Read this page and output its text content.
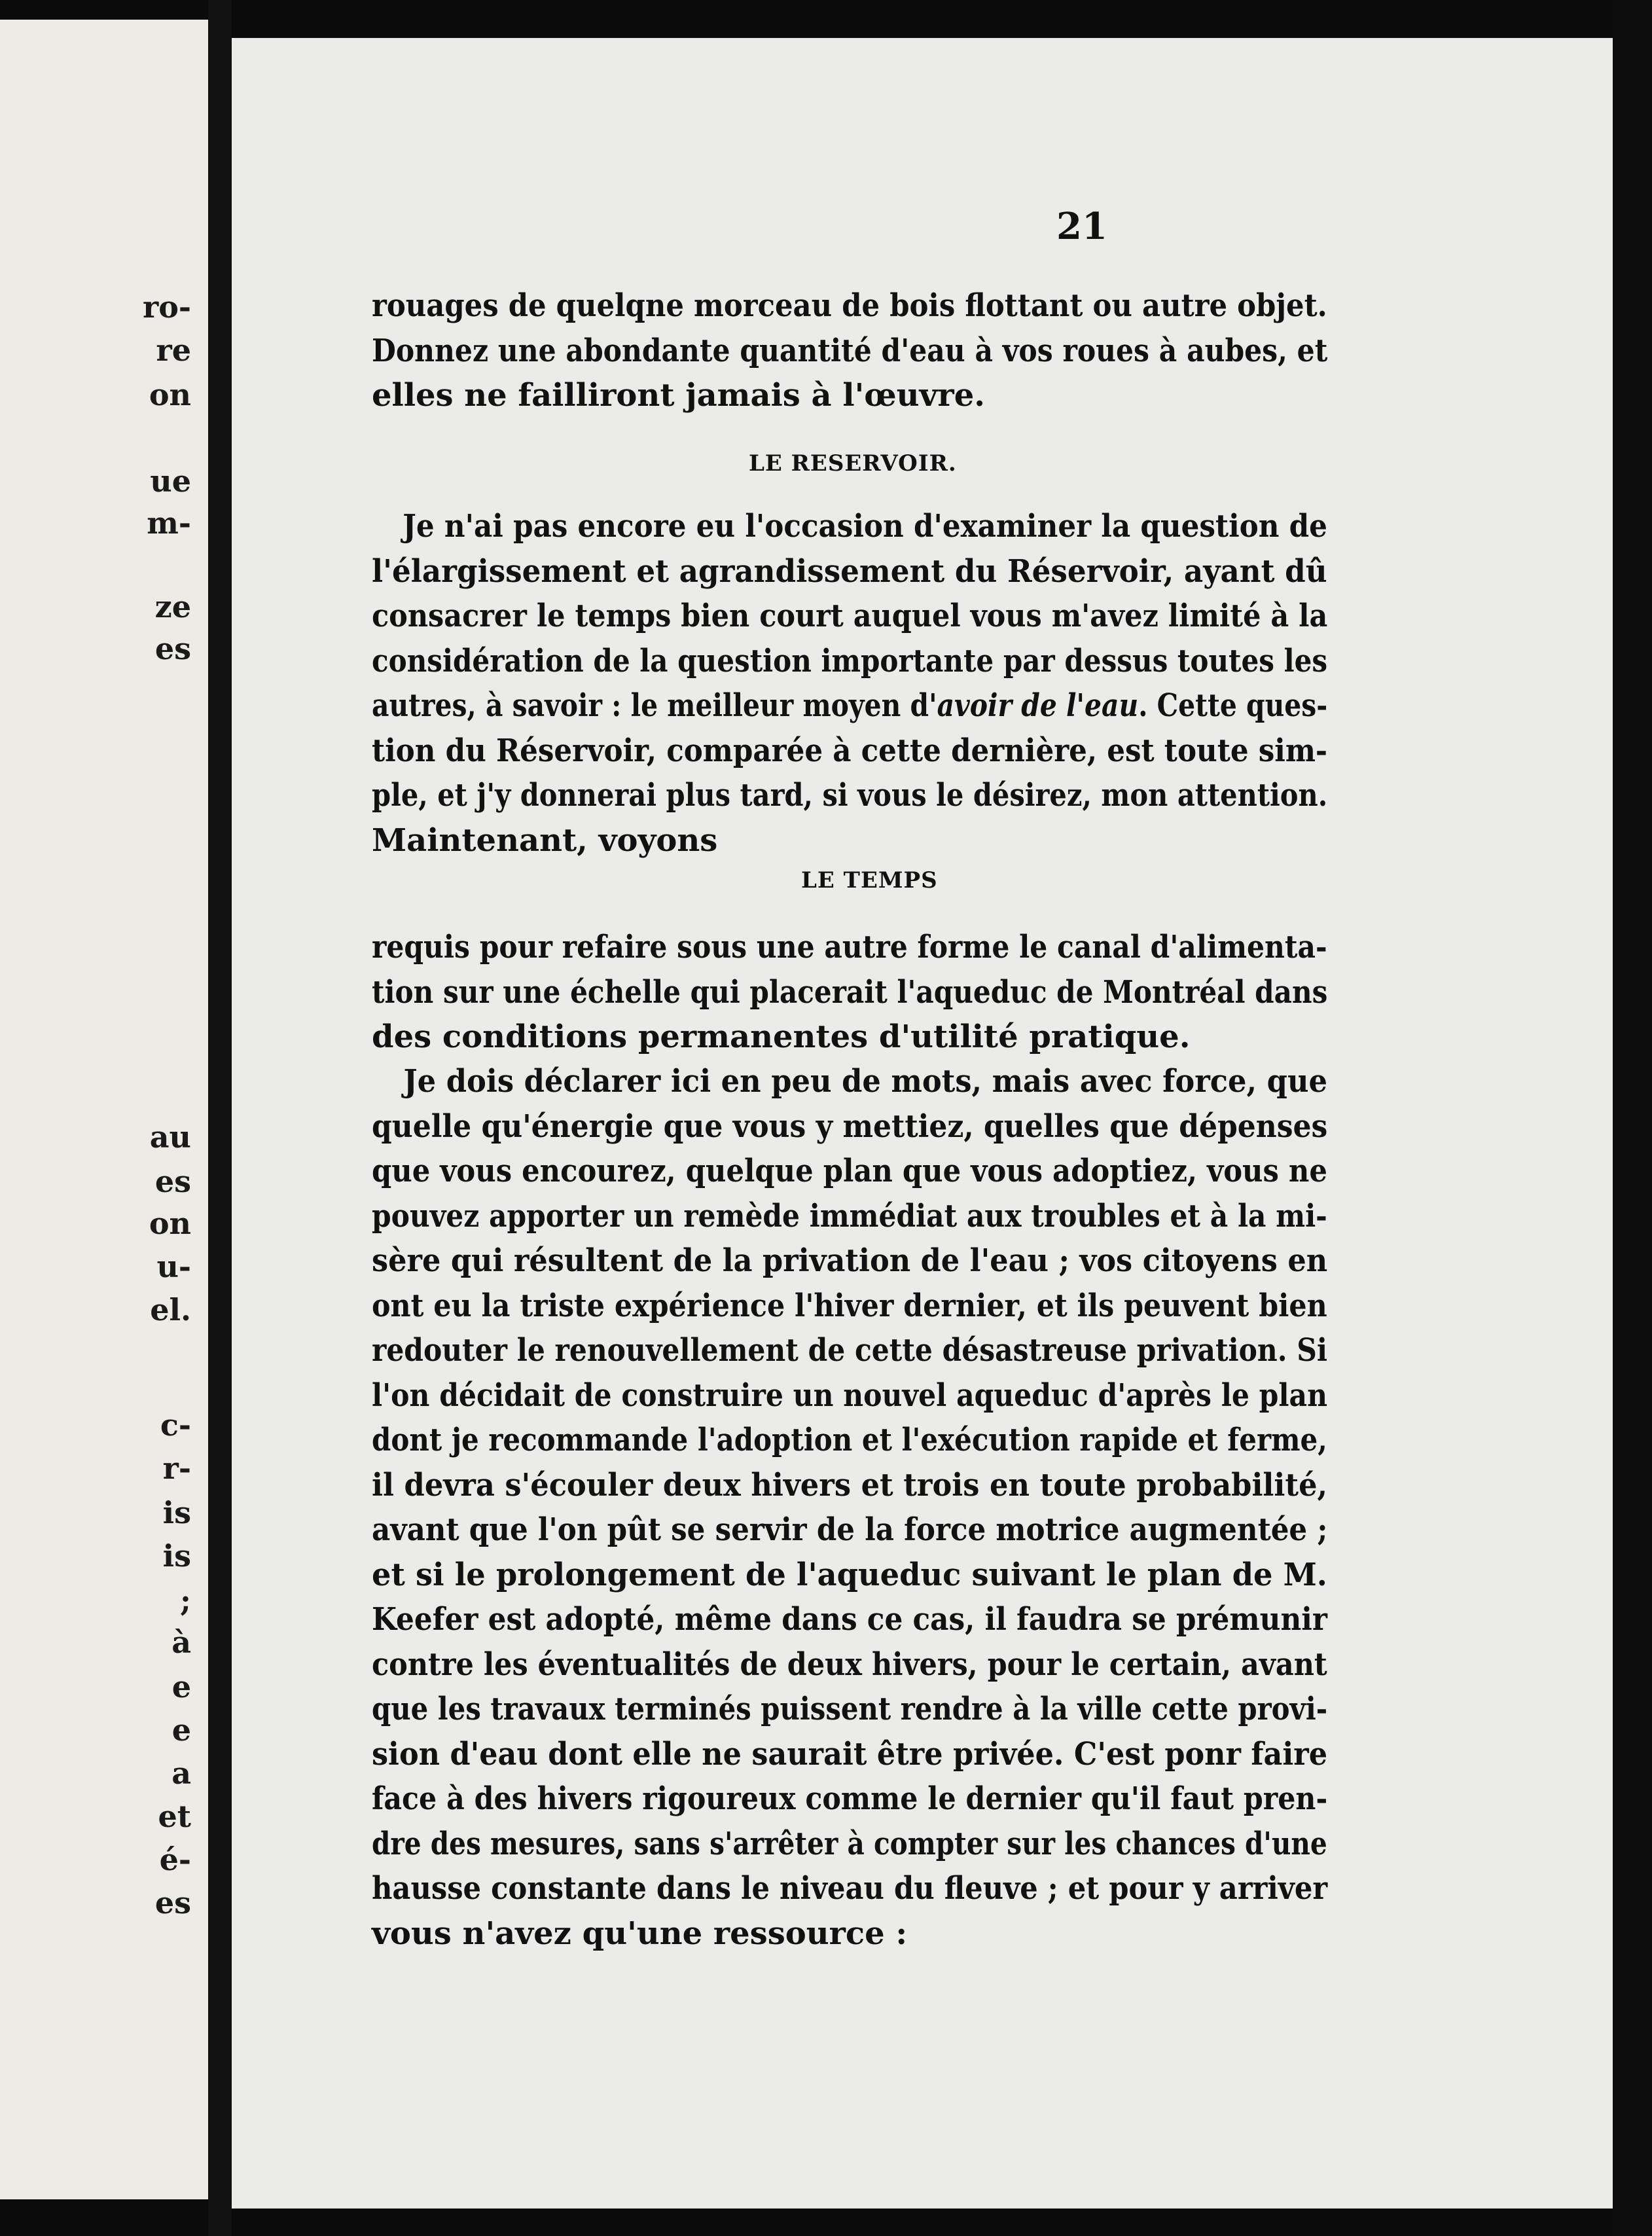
ro-
re
on
ue
m-
ze
es
au
es
on
u-
el.
c-
r-
is
is
;
à
e
e
a
et
é-
es
21
rouages de quelqne morceau de bois flottant ou autre objet.
Donnez une abondante quantité d'eau à vos roues à aubes, et
elles ne failliront jamais à l'œuvre.
LE RESERVOIR.
Je n'ai pas encore eu l'occasion d'examiner la question de
l'élargissement et agrandissement du Réservoir, ayant dû
consacrer le temps bien court auquel vous m'avez limité à la
considération de la question importante par dessus toutes les
autres, à savoir : le meilleur moyen d'avoir de l'eau. Cette ques-
tion du Réservoir, comparée à cette dernière, est toute sim-
ple, et j'y donnerai plus tard, si vous le désirez, mon attention.
Maintenant, voyons
LE TEMPS
requis pour refaire sous une autre forme le canal d'alimenta-
tion sur une échelle qui placerait l'aqueduc de Montréal dans
des conditions permanentes d'utilité pratique.
Je dois déclarer ici en peu de mots, mais avec force, que
quelle qu'énergie que vous y mettiez, quelles que dépenses
que vous encourez, quelque plan que vous adoptiez, vous ne
pouvez apporter un remède immédiat aux troubles et à la mi-
sère qui résultent de la privation de l'eau ; vos citoyens en
ont eu la triste expérience l'hiver dernier, et ils peuvent bien
redouter le renouvellement de cette désastreuse privation. Si
l'on décidait de construire un nouvel aqueduc d'après le plan
dont je recommande l'adoption et l'exécution rapide et ferme,
il devra s'écouler deux hivers et trois en toute probabilité,
avant que l'on pût se servir de la force motrice augmentée ;
et si le prolongement de l'aqueduc suivant le plan de M.
Keefer est adopté, même dans ce cas, il faudra se prémunir
contre les éventualités de deux hivers, pour le certain, avant
que les travaux terminés puissent rendre à la ville cette provi-
sion d'eau dont elle ne saurait être privée. C'est ponr faire
face à des hivers rigoureux comme le dernier qu'il faut pren-
dre des mesures, sans s'arrêter à compter sur les chances d'une
hausse constante dans le niveau du fleuve ; et pour y arriver
vous n'avez qu'une ressource :
